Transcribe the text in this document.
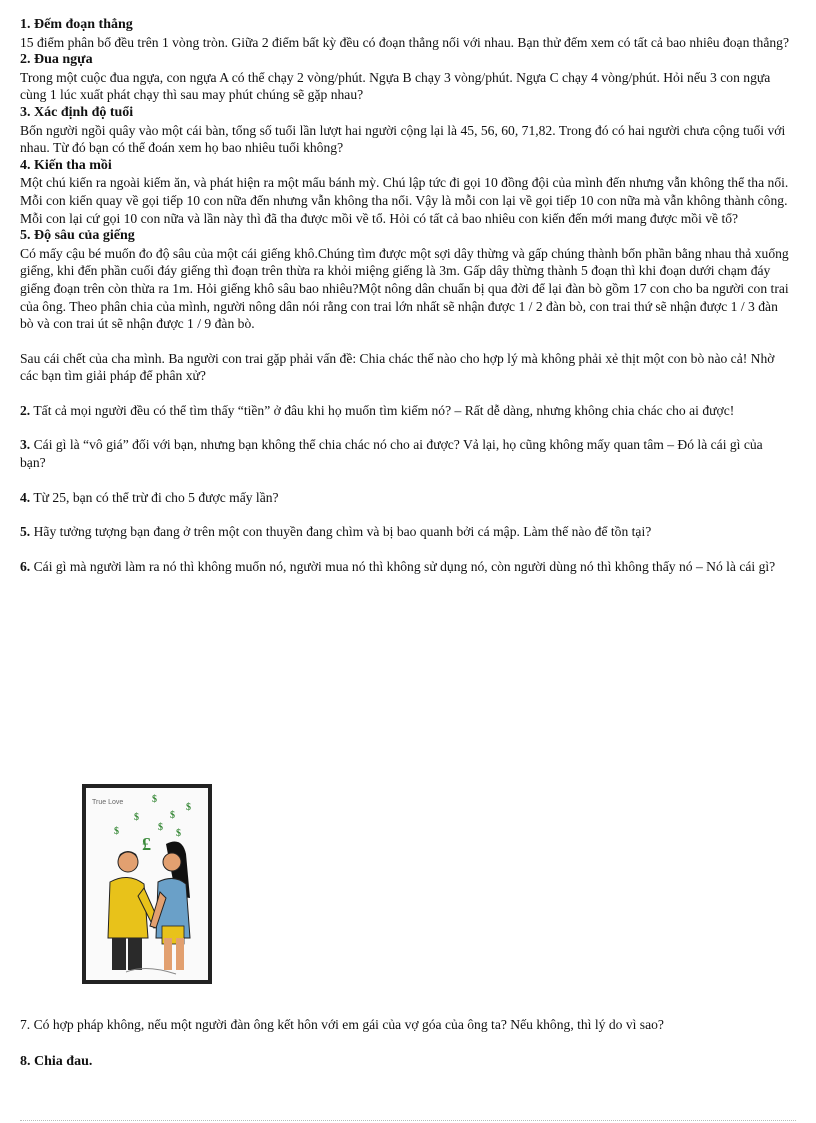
1. Đếm đoạn thẳng

15 điểm phân bố đều trên 1 vòng tròn. Giữa 2 điểm bất kỳ đều có đoạn thẳng nối với nhau. Bạn thử đếm xem có tất cả bao nhiêu đoạn thẳng?

2. Đua ngựa

Trong một cuộc đua ngựa, con ngựa A có thể chạy 2 vòng/phút. Ngựa B chạy 3 vòng/phút. Ngựa C chạy 4 vòng/phút. Hỏi nếu 3 con ngựa cùng 1 lúc xuất phát chạy thì sau may phút chúng sẽ gặp nhau?

3. Xác định độ tuổi

Bốn người ngồi quây vào một cái bàn, tổng số tuổi lần lượt hai người cộng lại là 45, 56, 60, 71,82. Trong đó có hai người chưa cộng tuổi với nhau. Từ đó bạn có thể đoán xem họ bao nhiêu tuổi không?

4. Kiến tha mồi

Một chú kiến ra ngoài kiếm ăn, và phát hiện ra một mẩu bánh mỳ. Chú lập tức đi gọi 10 đồng đội của mình đến nhưng vẫn không thể tha nổi. Mỗi con kiến quay về gọi tiếp 10 con nữa đến nhưng vẫn không tha nổi. Vậy là mỗi con lại về gọi tiếp 10 con nữa mà vẫn không thành công. Mỗi con lại cứ gọi 10 con nữa và lần này thì đã tha được mồi về tổ. Hỏi có tất cả bao nhiêu con kiến đến mới mang được mồi về tổ?

5. Độ sâu của giếng

Có mấy cậu bé muốn đo độ sâu của một cái giếng khô.Chúng tìm được một sợi dây thừng và gấp chúng thành bốn phần bằng nhau thả xuống giếng, khi đến phần cuối đáy giếng thì đoạn trên thừa ra khỏi miệng giếng là 3m. Gấp dây thừng thành 5 đoạn thì khi đoạn dưới chạm đáy giếng đoạn trên còn thừa ra 1m. Hỏi giếng khô sâu bao nhiêu?Một nông dân chuẩn bị qua đời để lại đàn bò gồm 17 con cho ba người con trai của ông. Theo phân chia của mình, người nông dân nói rằng con trai lớn nhất sẽ nhận được 1 / 2 đàn bò, con trai thứ sẽ nhận được 1 / 3 đàn bò và con trai út sẽ nhận được 1 / 9 đàn bò.

Sau cái chết của cha mình. Ba người con trai gặp phải vấn đề: Chia chác thế nào cho hợp lý mà không phải xẻ thịt một con bò nào cả! Nhờ các bạn tìm giải pháp để phân xử?

2. Tất cả mọi người đều có thể tìm thấy “tiền” ở đâu khi họ muốn tìm kiếm nó? – Rất dễ dàng, nhưng không chia chác cho ai được!

3. Cái gì là “vô giá” đối với bạn, nhưng bạn không thể chia chác nó cho ai được? Vả lại, họ cũng không mấy quan tâm – Đó là cái gì của bạn?

4. Từ 25, bạn có thể trừ đi cho 5 được mấy lần?

5. Hãy tưởng tượng bạn đang ở trên một con thuyền đang chìm và bị bao quanh bởi cá mập. Làm thế nào để tồn tại?

6. Cái gì mà người làm ra nó thì không muốn nó, người mua nó thì không sử dụng nó, còn người dùng nó thì không thấy nó – Nó là cái gì?

True Love	$
$	$
$
$	$
$
£

7. Có hợp pháp không, nếu một người đàn ông kết hôn với em gái của vợ góa của ông ta? Nếu không, thì lý do vì sao?

8. Chia đau.
